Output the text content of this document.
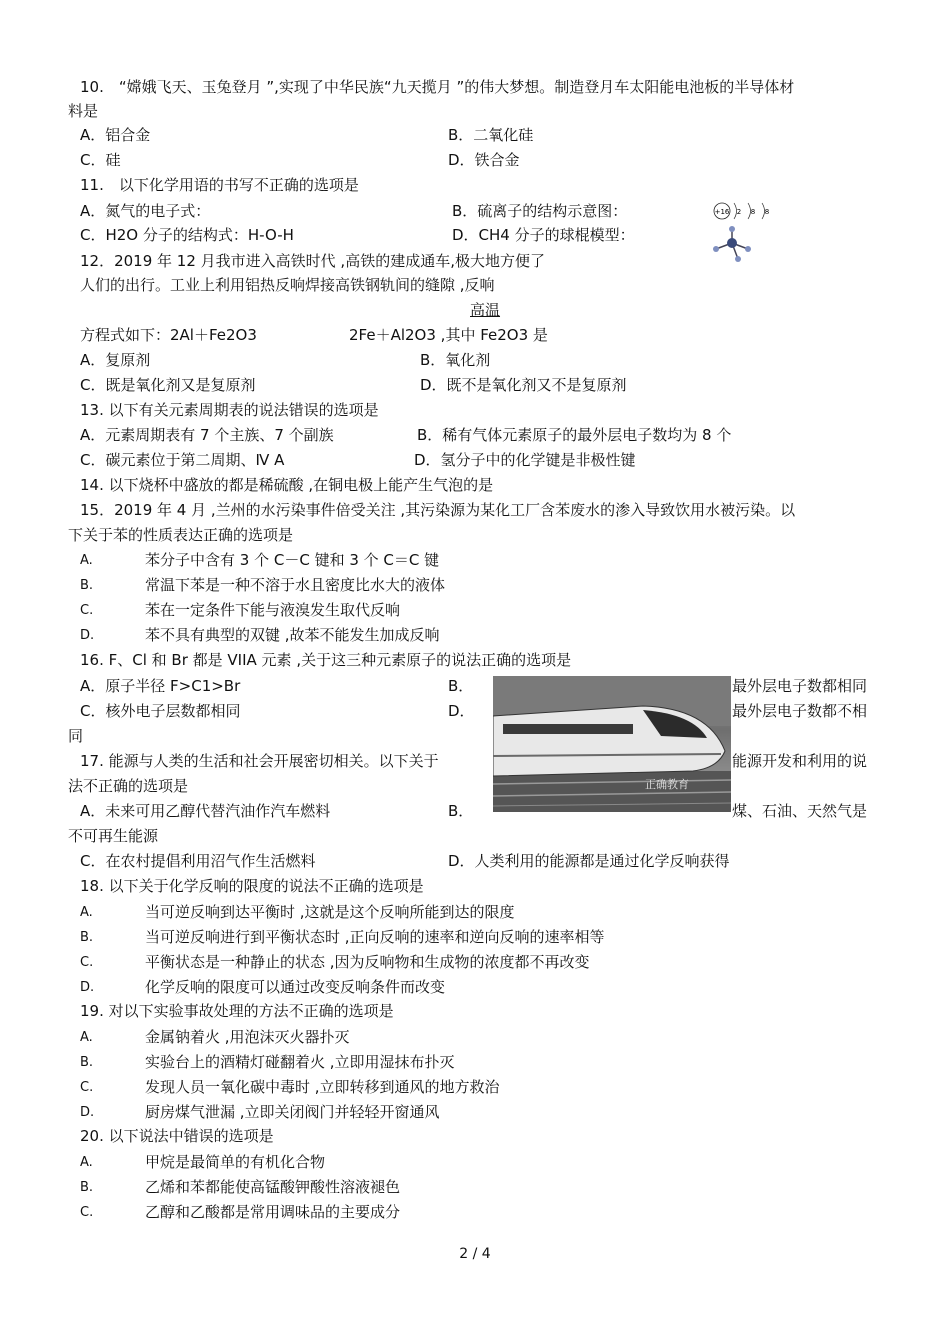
10.　“嫦娥飞天、玉兔登月 ”,实现了中华民族“九天揽月 ”的伟大梦想。制造登月车太阳能电池板的半导体材
料是
A．铝合金	B．二氧化硅
C．硅	D．铁合金
11.　以下化学用语的书写不正确的选项是
A．氮气的电子式：	B．硫离子的结构示意图：	+16 2 8 8
C．H2O 分子的结构式：H-O-H	D．CH4 分子的球棍模型：
12．2019 年 12 月我市进入高铁时代 ,高铁的建成通车,极大地方便了
人们的出行。工业上利用铝热反响焊接高铁钢轨间的缝隙 ,反响
高温
方程式如下：2Al＋Fe2O3	2Fe＋Al2O3 ,其中 Fe2O3 是
A．复原剂	B．氧化剂
C．既是氧化剂又是复原剂	D．既不是氧化剂又不是复原剂
13. 以下有关元素周期表的说法错误的选项是
A．元素周期表有 7 个主族、7 个副族	B．稀有气体元素原子的最外层电子数均为 8 个
C．碳元素位于第二周期、Ⅳ A	D．氢分子中的化学键是非极性键
14. 以下烧杯中盛放的都是稀硫酸 ,在铜电极上能产生气泡的是
15．2019 年 4 月 ,兰州的水污染事件倍受关注 ,其污染源为某化工厂含苯废水的渗入导致饮用水被污染。以
下关于苯的性质表达正确的选项是
A.	苯分子中含有 3 个 C－C 键和 3 个 C＝C 键
B.	常温下苯是一种不溶于水且密度比水大的液体
C.	苯在一定条件下能与液溴发生取代反响
D.	苯不具有典型的双键 ,故苯不能发生加成反响
16. F、Cl 和 Br 都是 VIIA 元素 ,关于这三种元素原子的说法正确的选项是
A．原子半径 F>C1>Br	B．	最外层电子数都相同
C．核外电子层数都相同	D．	最外层电子数都不相
同
17. 能源与人类的生活和社会开展密切相关。以下关于	能源开发和利用的说
法不正确的选项是
A．未来可用乙醇代替汽油作汽车燃料	B．	煤、石油、天然气是
不可再生能源
C．在农村提倡利用沼气作生活燃料	D．人类利用的能源都是通过化学反响获得
正确教育
18. 以下关于化学反响的限度的说法不正确的选项是
A.	当可逆反响到达平衡时 ,这就是这个反响所能到达的限度
B.	当可逆反响进行到平衡状态时 ,正向反响的速率和逆向反响的速率相等
C.	平衡状态是一种静止的状态 ,因为反响物和生成物的浓度都不再改变
D.	化学反响的限度可以通过改变反响条件而改变
19. 对以下实验事故处理的方法不正确的选项是
A.	金属钠着火 ,用泡沫灭火器扑灭
B.	实验台上的酒精灯碰翻着火 ,立即用湿抹布扑灭
C.	发现人员一氧化碳中毒时 ,立即转移到通风的地方救治
D.	厨房煤气泄漏 ,立即关闭阀门并轻轻开窗通风
20. 以下说法中错误的选项是
A.	甲烷是最简单的有机化合物
B.	乙烯和苯都能使高锰酸钾酸性溶液褪色
C.	乙醇和乙酸都是常用调味品的主要成分
2 / 4
